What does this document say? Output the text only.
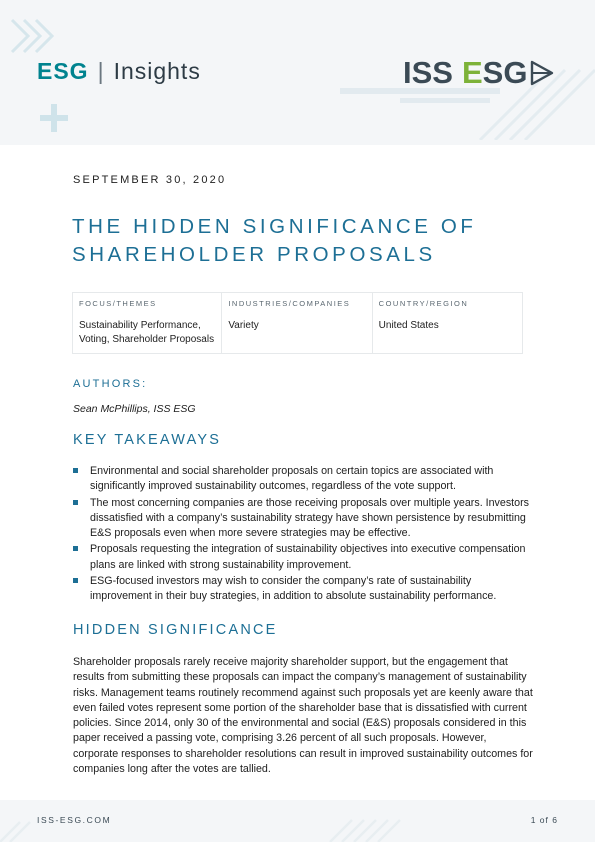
ESG | Insights	ISS E SG
SEPTEMBER 30, 2020
THE HIDDEN SIGNIFICANCE OF SHAREHOLDER PROPOSALS
FOCUS/THEMES
Sustainability Performance, Voting, Shareholder Proposals
INDUSTRIES/COMPANIES
Variety
COUNTRY/REGION
United States
AUTHORS:
Sean McPhillips, ISS ESG
KEY TAKEAWAYS
Environmental and social shareholder proposals on certain topics are associated with significantly improved sustainability outcomes, regardless of the vote support.
The most concerning companies are those receiving proposals over multiple years. Investors dissatisfied with a company’s sustainability strategy have shown persistence by resubmitting E&S proposals even when more severe strategies may be effective.
Proposals requesting the integration of sustainability objectives into executive compensation plans are linked with strong sustainability improvement.
ESG-focused investors may wish to consider the company’s rate of sustainability improvement in their buy strategies, in addition to absolute sustainability performance.
HIDDEN SIGNIFICANCE

Shareholder proposals rarely receive majority shareholder support, but the engagement that results from submitting these proposals can impact the company’s management of sustainability risks. Management teams routinely recommend against such proposals yet are keenly aware that even failed votes represent some portion of the shareholder base that is dissatisfied with current policies. Since 2014, only 30 of the environmental and social (E&S) proposals considered in this paper received a passing vote, comprising 3.26 percent of all such proposals. However, corporate responses to shareholder resolutions can result in improved sustainability outcomes for companies long after the votes are tallied.

ISS-ESG.COM	1 of 6
